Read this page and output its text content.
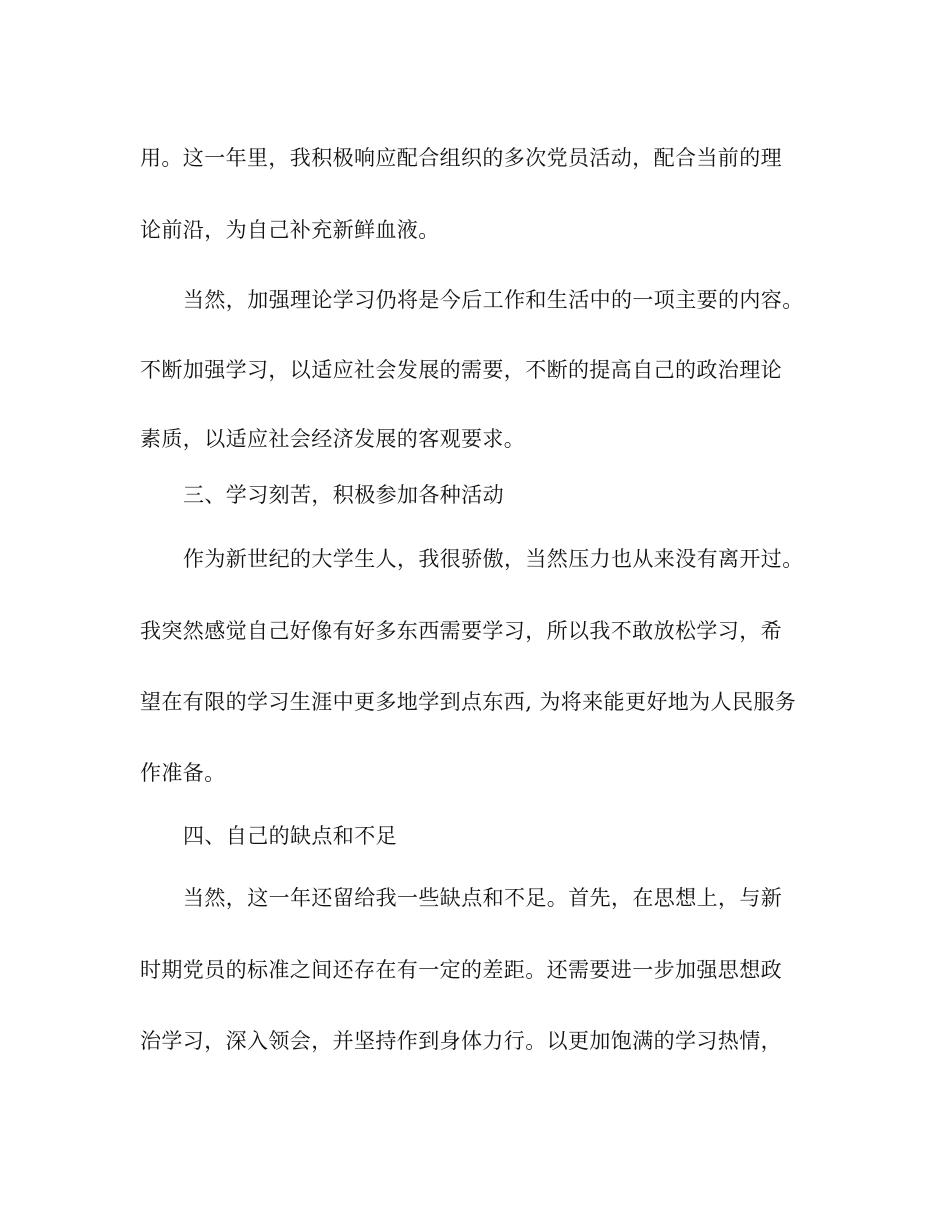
用。这一年里，我积极响应配合组织的多次党员活动，配合当前的理
论前沿，为自己补充新鲜血液。
当然，加强理论学习仍将是今后工作和生活中的一项主要的内容。
不断加强学习，以适应社会发展的需要，不断的提高自己的政治理论
素质，以适应社会经济发展的客观要求。
三、学习刻苦，积极参加各种活动
作为新世纪的大学生人，我很骄傲，当然压力也从来没有离开过。
我突然感觉自己好像有好多东西需要学习，所以我不敢放松学习，希
望在有限的学习生涯中更多地学到点东西, 为将来能更好地为人民服务
作准备。
四、自己的缺点和不足
当然，这一年还留给我一些缺点和不足。首先，在思想上，与新
时期党员的标准之间还存在有一定的差距。还需要进一步加强思想政
治学习，深入领会，并坚持作到身体力行。以更加饱满的学习热情，
